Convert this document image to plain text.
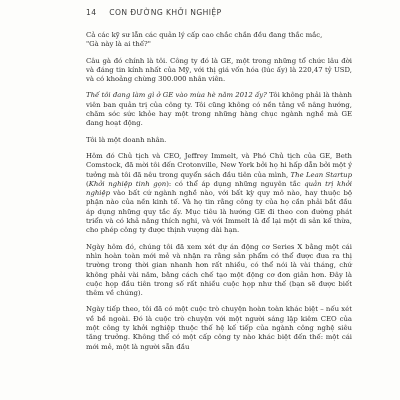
14 CON ĐƯỜNG KHỞI NGHIỆP

Cả các kỹ sư lẫn các quản lý cấp cao chắc chắn đều đang thắc mắc,
"Gà này là ai thế?"

Câu gà đó chính là tôi. Công ty đó là GE, một trong những tổ chức lâu đời và đáng tin kính nhất của Mỹ, với thị giá vốn hóa (lúc ấy) là 220,47 tỷ USD, và có khoảng chừng 300.000 nhân viên.

Thế tôi đang làm gì ở GE vào mùa hè năm 2012 ấy? Tôi không phải là thành viên ban quản trị của công ty. Tôi cũng không có nền tảng về nâng hướng, chăm sóc sức khỏe hay một trong những hàng chục ngành nghề mà GE đang hoạt động.

Tôi là một doanh nhân.

Hôm đó Chủ tịch và CEO, Jeffrey Immelt, và Phó Chủ tịch của GE, Beth Comstock, đã mời tôi đến Crotonville, New York bởi họ hi hấp dẫn bởi một ý tưởng mà tôi đã nêu trong quyển sách đầu tiên của mình, The Lean Startup (Khởi nghiệp tinh gọn): có thể áp dụng những nguyên tắc quản trị khởi nghiệp vào bất cứ ngành nghề nào, với bất kỳ quy mô nào, hay thuộc bộ phận nào của nền kinh tế. Và họ tin rằng công ty của họ cần phải bắt đầu áp dụng những quy tắc ấy. Mục tiêu là hướng GE đi theo con đường phát triển và có khả năng thích nghi, và với Immelt là để lại một di sản kế thừa, cho phép công ty được thịnh vượng dài hạn.

Ngày hôm đó, chúng tôi đã xem xét dự án động cơ Series X bằng một cái nhìn hoàn toàn mới mẻ và nhận ra rằng sản phẩm có thể được đưa ra thị trường trong thời gian nhanh hơn rất nhiều, có thể nói là vài tháng, chứ không phải vài năm, bằng cách chế tạo một động cơ đơn giản hơn. Đây là cuộc họp đầu tiên trong số rất nhiều cuộc họp như thế (bạn sẽ được biết thêm về chúng).

Ngày tiếp theo, tôi đã có một cuộc trò chuyện hoàn toàn khác biệt – nếu xét về bề ngoài. Đó là cuộc trò chuyện với một người sáng lập kiêm CEO của một công ty khởi nghiệp thuộc thế hệ kế tiếp của ngành công nghệ siêu tăng trưởng. Không thể có một cấp công ty nào khác biệt đến thế: một cái mới mẻ, một là người sẵn đầu
